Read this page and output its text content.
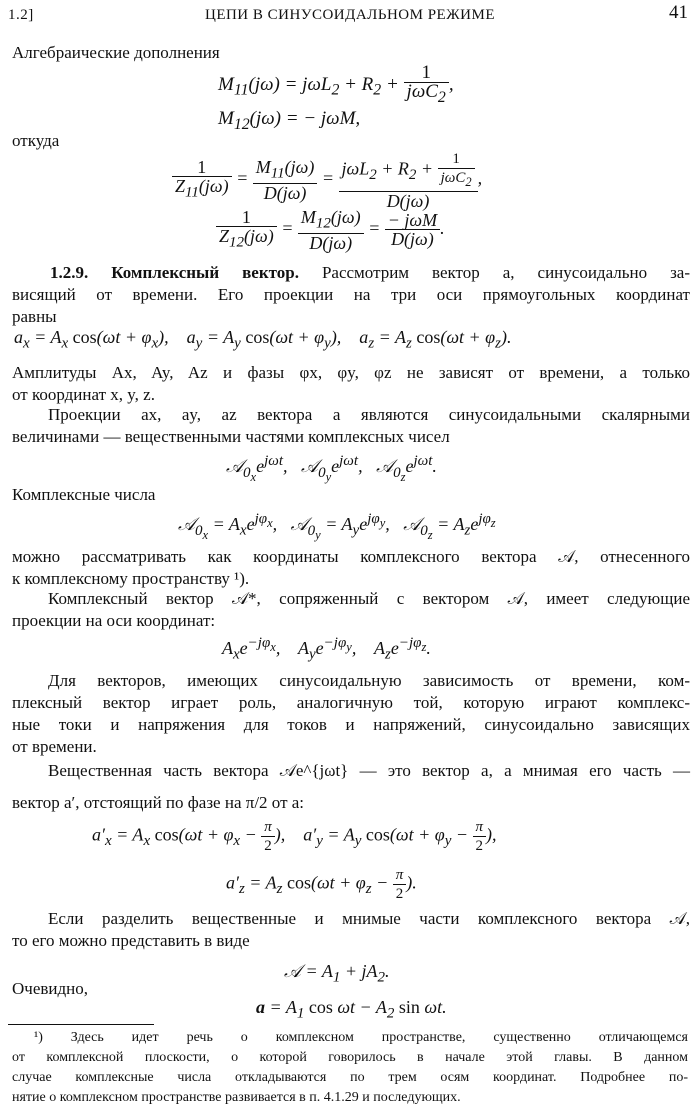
1.2]	ЦЕПИ В СИНУСОИДАЛЬНОМ РЕЖИМЕ	41
Алгебраические дополнения
$M_{11}(j\omega) = j\omega L_2 + R_2 + \frac{1}{j\omega C_2}$ ,
$M_{12}(j\omega)$ = − jωM,
откуда
$\frac{1}{Z_{11}(j\omega)} = \frac{M_{11}(j\omega)}{D(j\omega)} = \frac{j\omega L_2 + R_2 + \frac{1}{j\omega C_2}}{D(j\omega)}$ ,
$\frac{1}{Z_{12}(j\omega)} = \frac{M_{12}(j\omega)}{D(j\omega)} = \frac{\text{− jωM}}{D(j\omega)}$ .
1.2.9. Комплексный вектор. Рассмотрим вектор a, синусоидально за-
висящий от времени. Его проекции на три оси прямоугольных координат
равны
$a_x = A_x$ $\cos(\omega t + \varphi_x)$,    $a_y = A_y$ $\cos(\omega t + \varphi_y)$,    $a_z = A_z$ $\cos(\omega t + \varphi_z)$.
Амплитуды Ax, Ay, Az и фазы φx, φy, φz не зависят от времени, а только
от координат x, y, z.
Проекции ax, ay, az вектора a являются синусоидальными скалярными
величинами — вещественными частями комплексных чисел
$𝒜_{0_x}e^{j\omega t}$,   $𝒜_{0_y}e^{j\omega t}$,   $𝒜_{0_z}e^{j\omega t}$.
Комплексные числа
𝒜$_{0_x}$ = $A_xe^{j\varphi_x}$,   𝒜$_{0_y}$ = $A_ye^{j\varphi_y}$,   𝒜$_{0_z}$ = $A_ze^{j\varphi_z}$
можно рассматривать как координаты комплексного вектора 𝒜, отнесенного
к комплексному пространству ¹).
Комплексный вектор 𝒜*, сопряженный с вектором 𝒜, имеет следующие
проекции на оси координат:
$A_xe^{-j\varphi_x}$,    $A_ye^{-j\varphi_y}$,    $A_ze^{-j\varphi_z}$.
Для векторов, имеющих синусоидальную зависимость от времени, ком-
плексный вектор играет роль, аналогичную той, которую играют комплекс-
ные токи и напряжения для токов и напряжений, синусоидально зависящих
от времени.
Вещественная часть вектора 𝒜e^{jωt} — это вектор a, а мнимая его часть —
вектор a′, отстоящий по фазе на π/2 от a:
$a'_x = A_x$ $\cos(\omega t + \varphi_x - \frac{\pi}{2}$ ),    $a'_y = A_y$ $\cos(\omega t + \varphi_y - \frac{\pi}{2}$ ),
$a'_z = A_z$ $\cos(\omega t + \varphi_z - \frac{\pi}{2}$ ).
Если разделить вещественные и мнимые части комплексного вектора 𝒜,
то его можно представить в виде
𝒜 = $A_1 + jA_2$.
Очевидно,
$a = A_1$ $\cos \omega t - A_2$ sin ωt.
¹) Здесь идет речь о комплексном пространстве, существенно отличающемся
от комплексной плоскости, о которой говорилось в начале этой главы. В данном
случае комплексные числа откладываются по трем осям координат. Подробнее по-
нятие о комплексном пространстве развивается в п. 4.1.29 и последующих.
